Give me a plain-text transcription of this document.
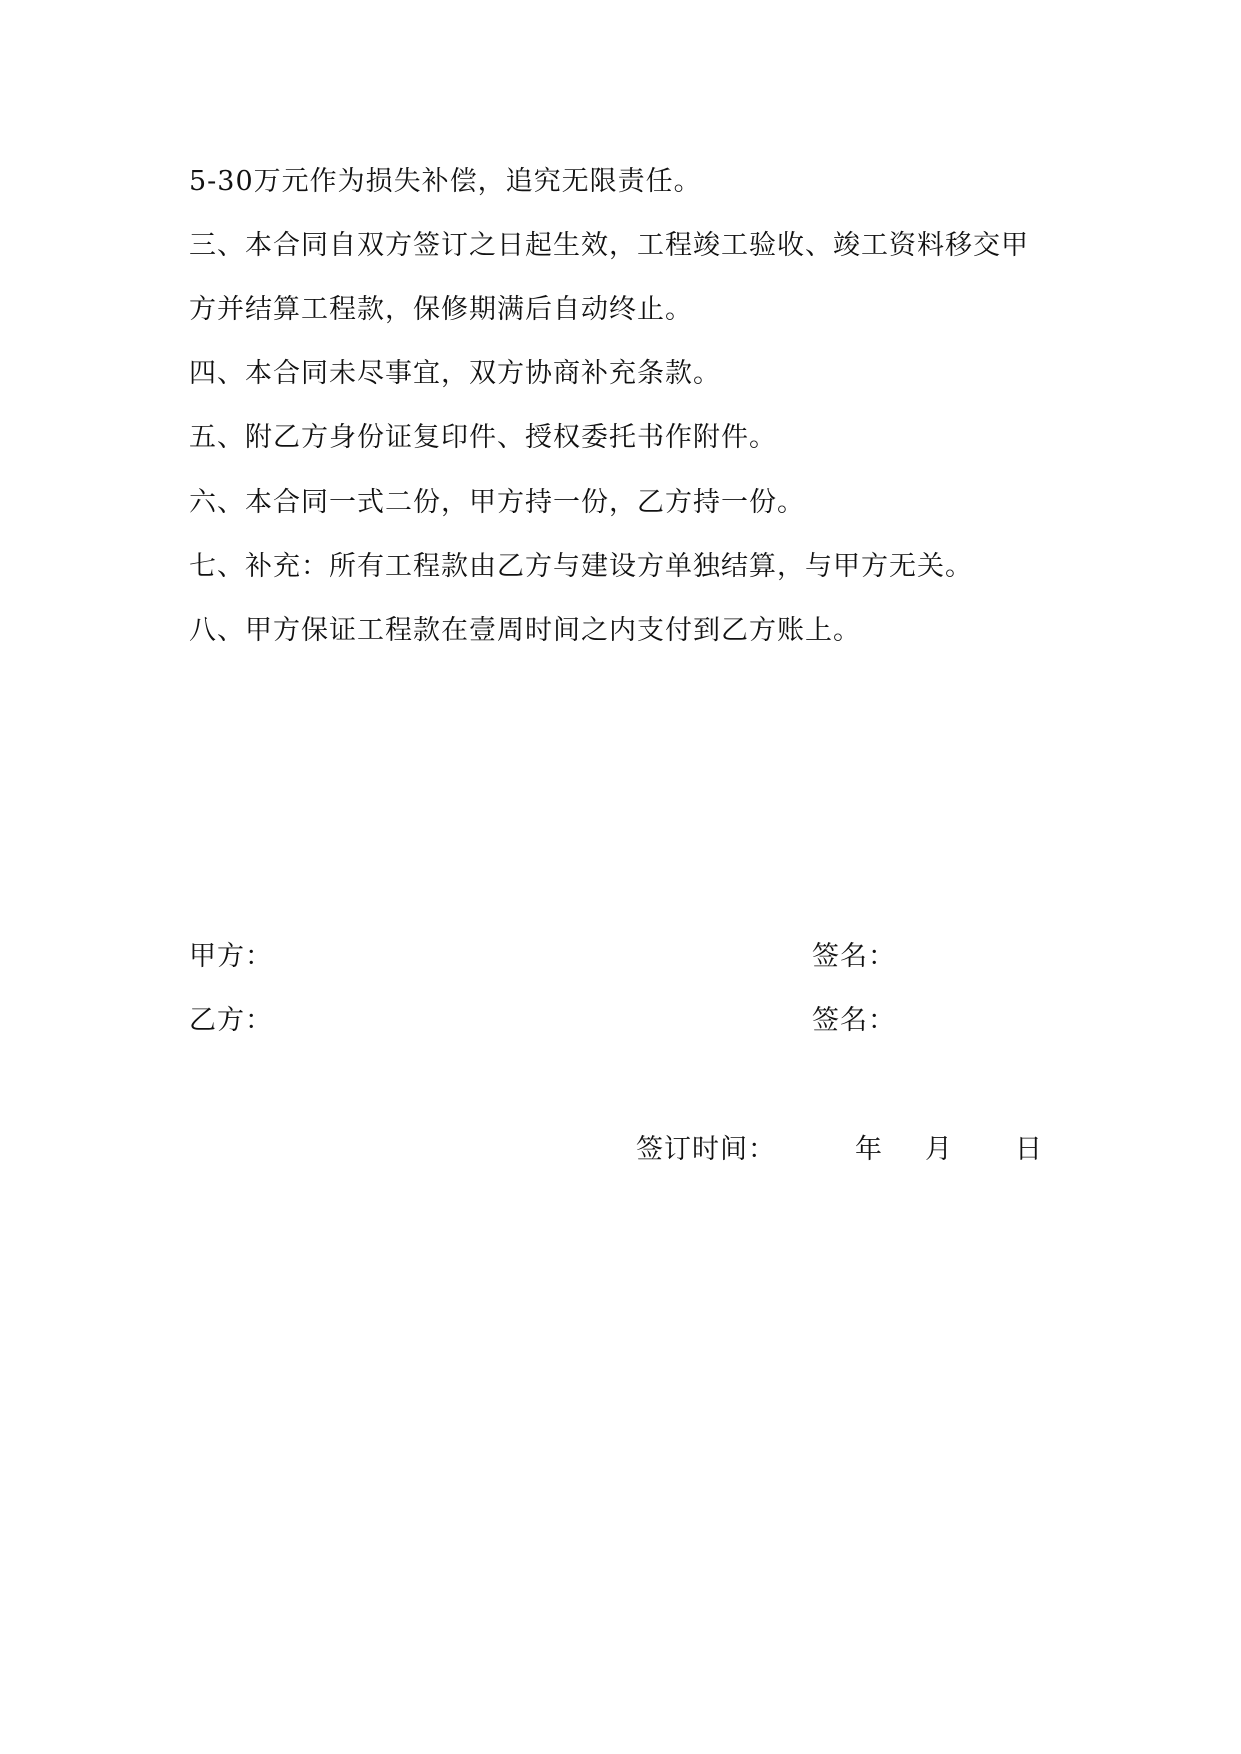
5-30万元作为损失补偿，追究无限责任。
三、本合同自双方签订之日起生效，工程竣工验收、竣工资料移交甲
方并结算工程款，保修期满后自动终止。
四、本合同未尽事宜，双方协商补充条款。
五、附乙方身份证复印件、授权委托书作附件。
六、本合同一式二份，甲方持一份，乙方持一份。
七、补充：所有工程款由乙方与建设方单独结算，与甲方无关。
八、甲方保证工程款在壹周时间之内支付到乙方账上。
甲方：	签名：
乙方：	签名：
签订时间：	年 月 日
